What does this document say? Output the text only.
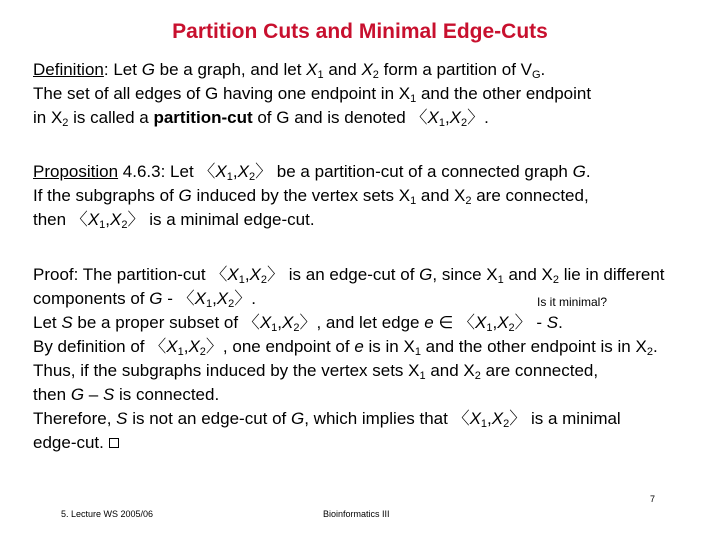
Partition Cuts and Minimal Edge-Cuts

Definition: Let G be a graph, and let $X_1$ and $X_2$ form a partition of $V_G$.

The set of all edges of G having one endpoint in $X_1$ and the other endpoint

in $X_2$ is called a partition-cut of G and is denoted 〈$X_1,X_2$〉.

Proposition 4.6.3: Let 〈$X_1,X_2$〉 be a partition-cut of a connected graph G.

If the subgraphs of G induced by the vertex sets $X_1$ and $X_2$ are connected,

then 〈$X_1,X_2$〉 is a minimal edge-cut.

Proof: The partition-cut 〈$X_1,X_2$〉 is an edge-cut of G, since $X_1$ and $X_2$ lie in different

components of G - 〈$X_1,X_2$〉.

Let S be a proper subset of 〈$X_1,X_2$〉, and let edge e ∈ 〈$X_1,X_2$〉 - S.

By definition of 〈$X_1,X_2$〉, one endpoint of e is in $X_1$ and the other endpoint is in $X_2$.

Thus, if the subgraphs induced by the vertex sets $X_1$ and $X_2$ are connected,

then G – S is connected.

Therefore, S is not an edge-cut of G, which implies that 〈$X_1,X_2$〉 is a minimal

edge-cut.

Is it minimal?
7
5. Lecture WS 2005/06	Bioinformatics III
